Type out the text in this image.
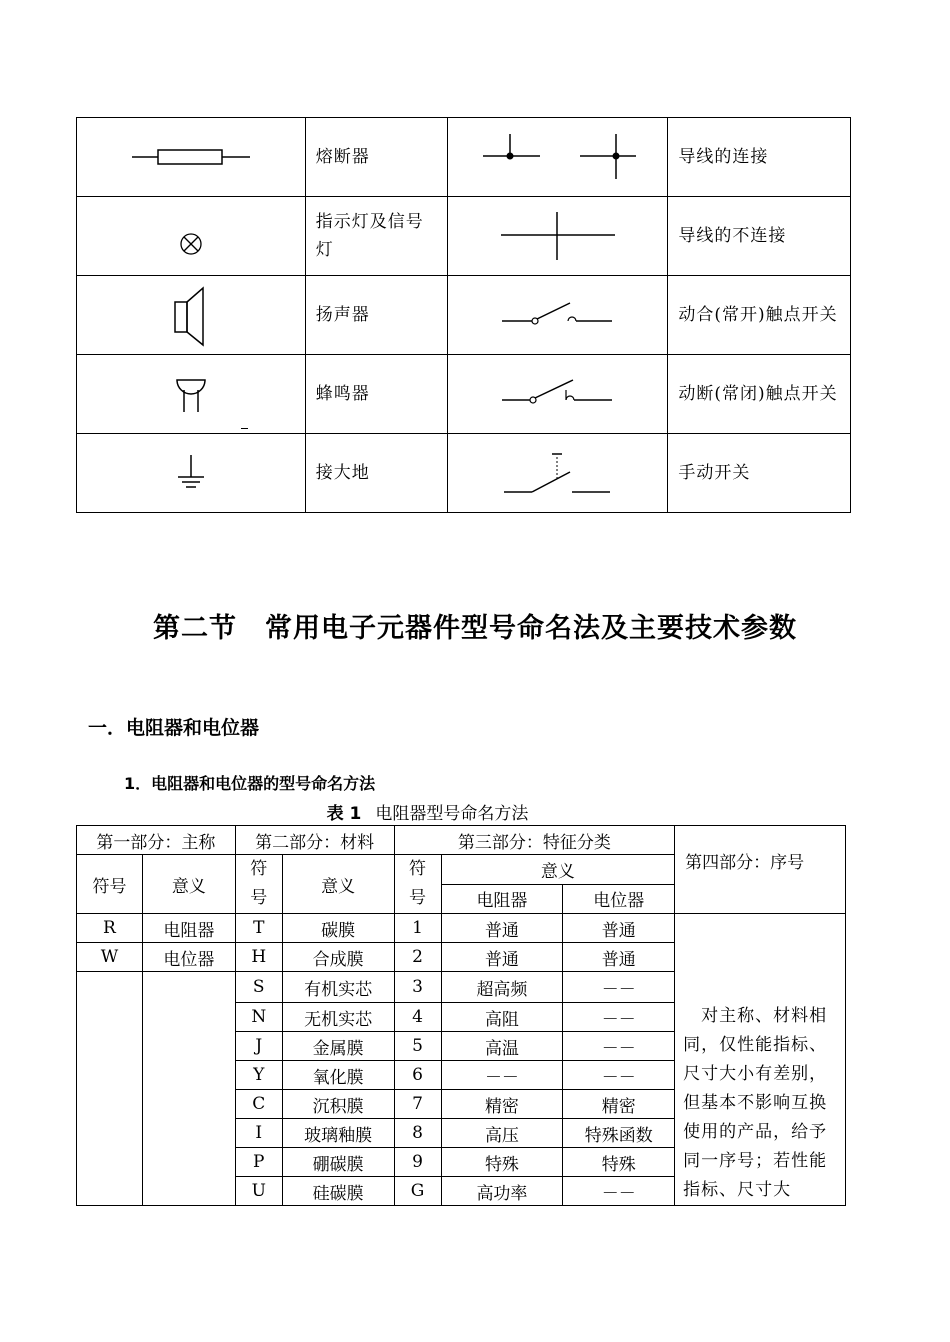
	熔断器		导线的连接

	指示灯及信号灯		导线的不连接

	扬声器		动合(常开)触点开关

	蜂鸣器		动断(常闭)触点开关

	接大地		手动开关
第二节　常用电子元器件型号命名法及主要技术参数
一．电阻器和电位器
1．电阻器和电位器的型号命名方法
表 1 电阻器型号命名方法
第一部分：主称		第二部分：材料		第三部分：特征分类			第四部分：序号
符号	意义	符号	意义	符号	意义		
					电阻器	电位器	
R	电阻器	T	碳膜	1	普通	普通	　对主称、材料相同，仅性能指标、尺寸大小有差别，但基本不影响互换使用的产品，给予同一序号；若性能指标、尺寸大
W	电位器	H	合成膜	2	普通	普通	
		S	有机实芯	3	超高频	－－	
		N	无机实芯	4	高阻	－－	
		J	金属膜	5	高温	－－	
		Y	氧化膜	6	－－	－－	
		C	沉积膜	7	精密	精密	
		I	玻璃釉膜	8	高压	特殊函数	
		P	硼碳膜	9	特殊	特殊	
		U	硅碳膜	G	高功率	－－	
